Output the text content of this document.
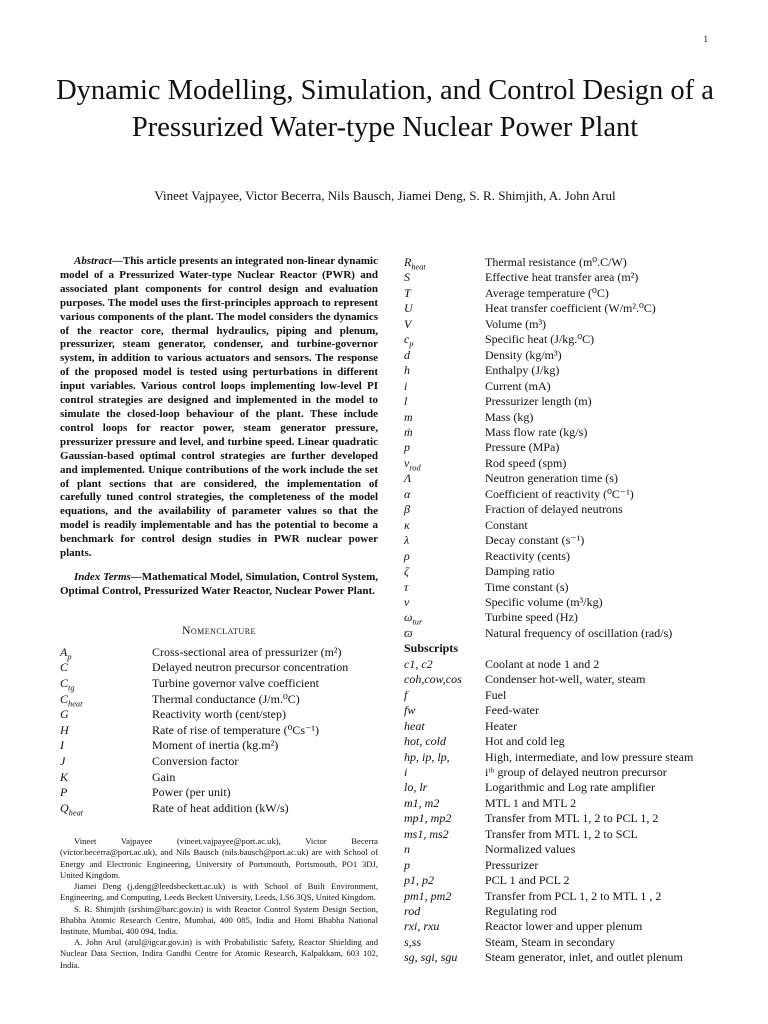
1
Dynamic Modelling, Simulation, and Control Design of a Pressurized Water-type Nuclear Power Plant
Vineet Vajpayee, Victor Becerra, Nils Bausch, Jiamei Deng, S. R. Shimjith, A. John Arul

Abstract—This article presents an integrated non-linear dynamic model of a Pressurized Water-type Nuclear Reactor (PWR) and associated plant components for control design and evaluation purposes. The model uses the first-principles approach to represent various components of the plant. The model considers the dynamics of the reactor core, thermal hydraulics, piping and plenum, pressurizer, steam generator, condenser, and turbine-governor system, in addition to various actuators and sensors. The response of the proposed model is tested using perturbations in different input variables. Various control loops implementing low-level PI control strategies are designed and implemented in the model to simulate the closed-loop behaviour of the plant. These include control loops for reactor power, steam generator pressure, pressurizer pressure and level, and turbine speed. Linear quadratic Gaussian-based optimal control strategies are further developed and implemented. Unique contributions of the work include the set of plant sections that are considered, the implementation of carefully tuned control strategies, the completeness of the model equations, and the availability of parameter values so that the model is readily implementable and has the potential to become a benchmark for control design studies in PWR nuclear power plants.

Index Terms—Mathematical Model, Simulation, Control System, Optimal Control, Pressurized Water Reactor, Nuclear Power Plant.

Nomenclature
$A_p$	Cross-sectional area of pressurizer (m²)
C	Delayed neutron precursor concentration
$C_{tg}$	Turbine governor valve coefficient
$C_{heat}$	Thermal conductance (J/m.⁰C)
G	Reactivity worth (cent/step)
H	Rate of rise of temperature (⁰Cs⁻¹)
I	Moment of inertia (kg.m²)
J	Conversion factor
K	Gain
P	Power (per unit)
$Q_{heat}$	Rate of heat addition (kW/s)

Vineet Vajpayee (vineet.vajpayee@port.ac.uk), Victor Becerra (victor.becerra@port.ac.uk), and Nils Bausch (nils.bausch@port.ac.uk) are with School of Energy and Electronic Engineering, University of Portsmouth, Portsmouth, PO1 3DJ, United Kingdom.

Jiamei Deng (j.deng@leedsbeckett.ac.uk) is with School of Built Environment, Engineering, and Computing, Leeds Beckett University, Leeds, LS6 3QS, United Kingdom.

S. R. Shimjith (srshim@barc.gov.in) is with Reactor Control System Design Section, Bhabha Atomic Research Centre, Mumbai, 400 085, India and Homi Bhabha National Institute, Mumbai, 400 094, India.

A. John Arul (arul@igcar.gov.in) is with Probabilistic Safety, Reactor Shielding and Nuclear Data Section, Indira Gandhi Centre for Atomic Research, Kalpakkam, 603 102, India.

$R_{heat}$	Thermal resistance (m⁰.C/W)
S	Effective heat transfer area (m²)
T	Average temperature (⁰C)
U	Heat transfer coefficient (W/m².⁰C)
V	Volume (m³)
$c_p$	Specific heat (J/kg.⁰C)
d	Density (kg/m³)
h	Enthalpy (J/kg)
i	Current (mA)
l	Pressurizer length (m)
m	Mass (kg)
ṁ	Mass flow rate (kg/s)
p	Pressure (MPa)
$v_{rod}$	Rod speed (spm)
Λ	Neutron generation time (s)
α	Coefficient of reactivity (⁰C⁻¹)
β	Fraction of delayed neutrons
κ	Constant
λ	Decay constant (s⁻¹)
ρ	Reactivity (cents)
ζ	Damping ratio
τ	Time constant (s)
ν	Specific volume (m³/kg)
$\omega_{tur}$	Turbine speed (Hz)
ϖ	Natural frequency of oscillation (rad/s)
Subscripts
c1, c2	Coolant at node 1 and 2
coh,cow,cos	Condenser hot-well, water, steam
f	Fuel
fw	Feed-water
heat	Heater
hot, cold	Hot and cold leg
hp, ip, lp,	High, intermediate, and low pressure steam
i	iᵗʰ group of delayed neutron precursor
lo, lr	Logarithmic and Log rate amplifier
m1, m2	MTL 1 and MTL 2
mp1, mp2	Transfer from MTL 1, 2 to PCL 1, 2
ms1, ms2	Transfer from MTL 1, 2 to SCL
n	Normalized values
p	Pressurizer
p1, p2	PCL 1 and PCL 2
pm1, pm2	Transfer from PCL 1, 2 to MTL 1 , 2
rod	Regulating rod
rxi, rxu	Reactor lower and upper plenum
s,ss	Steam, Steam in secondary
sg, sgi, sgu	Steam generator, inlet, and outlet plenum
